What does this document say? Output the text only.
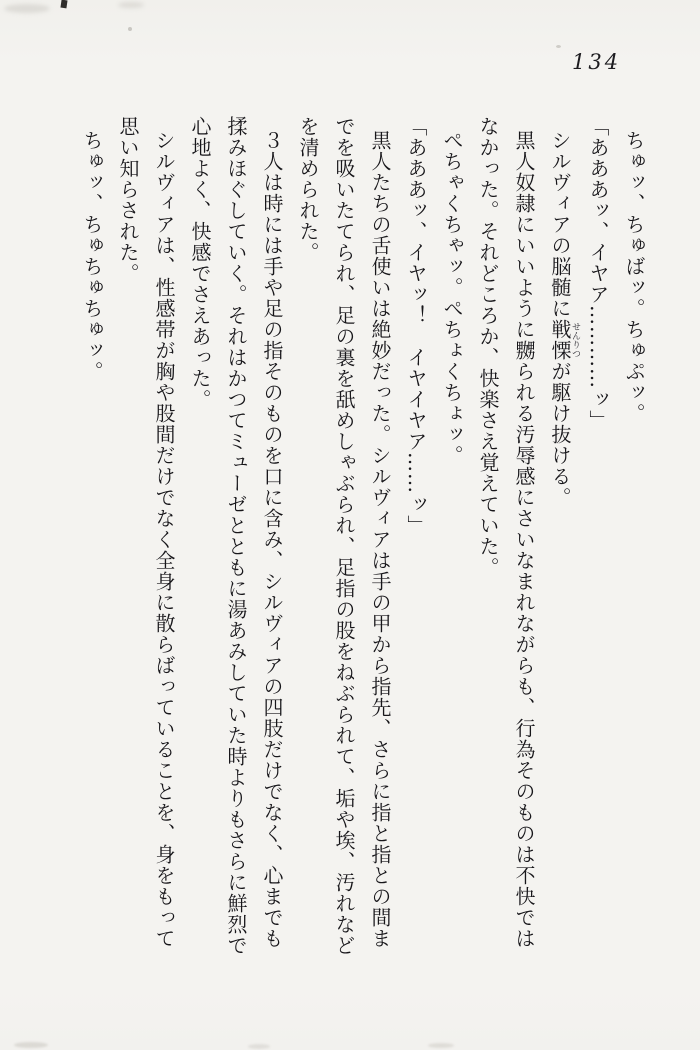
134
ちゅッ、ちゅばッ。ちゅぷッ。
「あああッ、イヤア…………ッ」
シルヴィアの脳髄に戦慄せんりつが駆け抜ける。
黒人奴隷にいいように嬲られる汚辱感にさいなまれながらも、行為そのものは不快では
なかった。それどころか、快楽さえ覚えていた。
ぺちゃくちゃッ。ぺちょくちょッ。
「あああッ、イヤッ！　イヤイヤア……ッ」
黒人たちの舌使いは絶妙だった。シルヴィアは手の甲から指先、さらに指と指との間ま
でを吸いたてられ、足の裏を舐めしゃぶられ、足指の股をねぶられて、垢や埃、汚れなど
を清められた。
３人は時には手や足の指そのものを口に含み、シルヴィアの四肢だけでなく、心までも
揉みほぐしていく。それはかつてミューゼとともに湯あみしていた時よりもさらに鮮烈で
心地よく、快感でさえあった。
シルヴィアは、性感帯が胸や股間だけでなく全身に散らばっていることを、身をもって
思い知らされた。
ちゅッ、ちゅちゅちゅッ。
